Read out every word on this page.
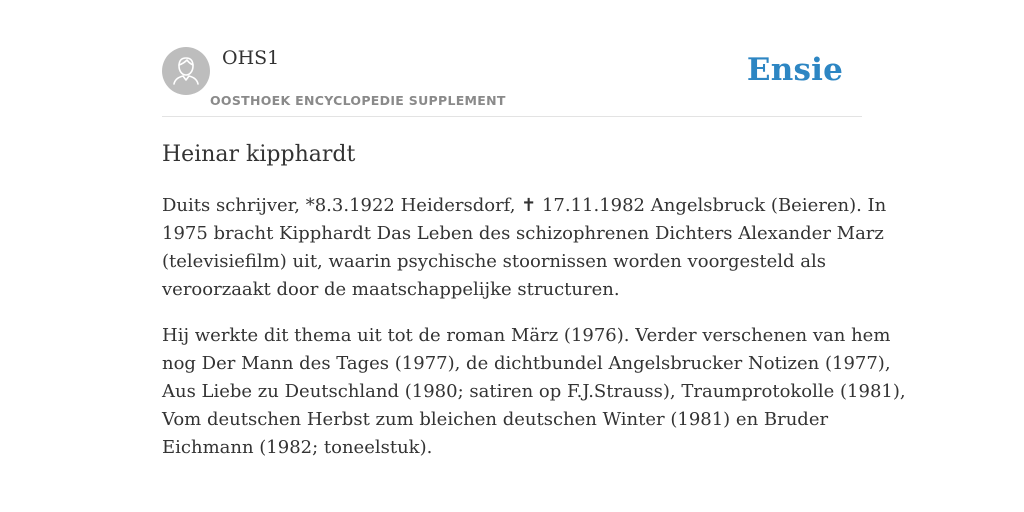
OHS1
OOSTHOEK ENCYCLOPEDIE SUPPLEMENT
Ensie
Heinar kipphardt

Duits schrijver, *8.3.1922 Heidersdorf, ✝ 17.11.1982 Angelsbruck (Beieren). In
1975 bracht Kipphardt Das Leben des schizophrenen Dichters Alexander Marz
(televisiefilm) uit, waarin psychische stoornissen worden voorgesteld als
veroorzaakt door de maatschappelijke structuren.

Hij werkte dit thema uit tot de roman März (1976). Verder verschenen van hem
nog Der Mann des Tages (1977), de dichtbundel Angelsbrucker Notizen (1977),
Aus Liebe zu Deutschland (1980; satiren op F.J.Strauss), Traumprotokolle (1981),
Vom deutschen Herbst zum bleichen deutschen Winter (1981) en Bruder
Eichmann (1982; toneelstuk).
